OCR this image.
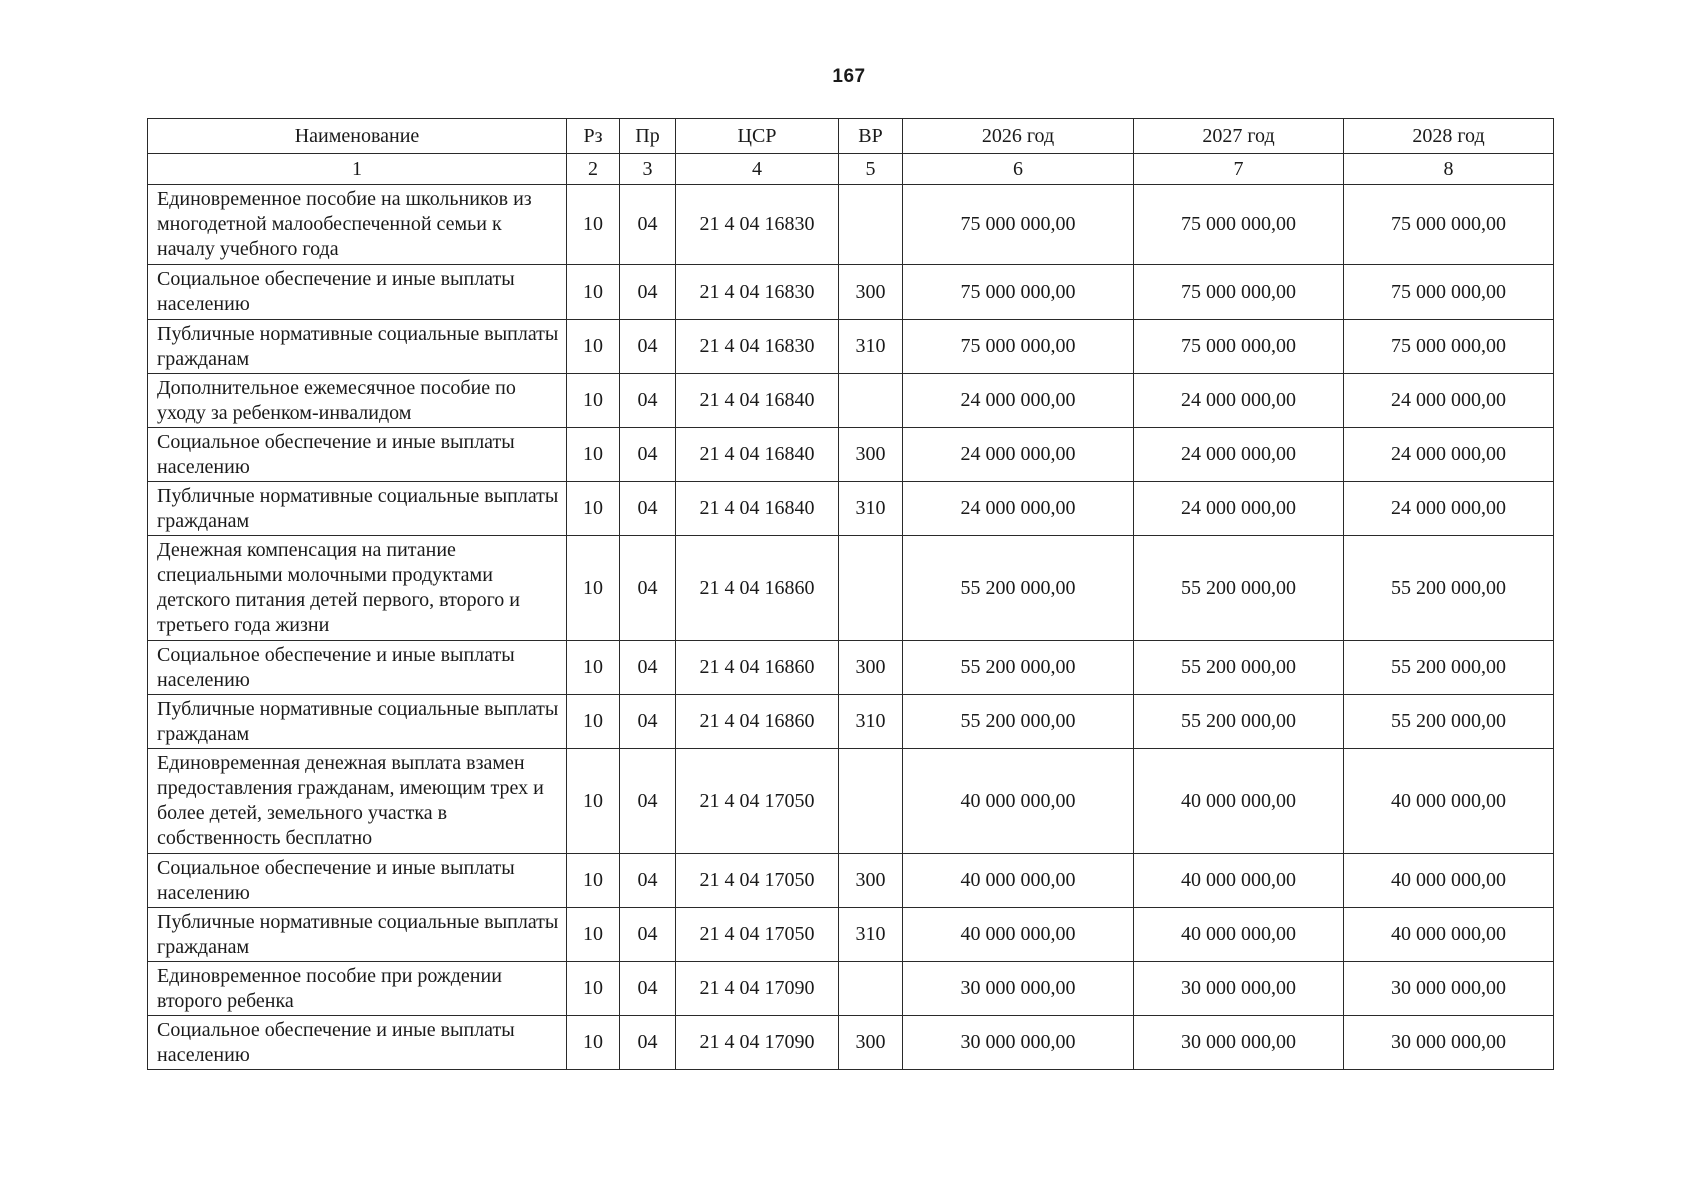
167
Наименование	Рз	Пр	ЦСР	ВР	2026 год	2027 год	2028 год
1	2	3	4	5	6	7	8
Единовременное пособие на школьников из многодетной малообеспеченной семьи к началу учебного года	10	04	21 4 04 16830		75 000 000,00	75 000 000,00	75 000 000,00
Социальное обеспечение и иные выплаты населению	10	04	21 4 04 16830	300	75 000 000,00	75 000 000,00	75 000 000,00
Публичные нормативные социальные выплаты гражданам	10	04	21 4 04 16830	310	75 000 000,00	75 000 000,00	75 000 000,00
Дополнительное ежемесячное пособие по уходу за ребенком-инвалидом	10	04	21 4 04 16840		24 000 000,00	24 000 000,00	24 000 000,00
Социальное обеспечение и иные выплаты населению	10	04	21 4 04 16840	300	24 000 000,00	24 000 000,00	24 000 000,00
Публичные нормативные социальные выплаты гражданам	10	04	21 4 04 16840	310	24 000 000,00	24 000 000,00	24 000 000,00
Денежная компенсация на питание специальными молочными продуктами детского питания детей первого, второго и третьего года жизни	10	04	21 4 04 16860		55 200 000,00	55 200 000,00	55 200 000,00
Социальное обеспечение и иные выплаты населению	10	04	21 4 04 16860	300	55 200 000,00	55 200 000,00	55 200 000,00
Публичные нормативные социальные выплаты гражданам	10	04	21 4 04 16860	310	55 200 000,00	55 200 000,00	55 200 000,00
Единовременная денежная выплата взамен предоставления гражданам, имеющим трех и более детей, земельного участка в собственность бесплатно	10	04	21 4 04 17050		40 000 000,00	40 000 000,00	40 000 000,00
Социальное обеспечение и иные выплаты населению	10	04	21 4 04 17050	300	40 000 000,00	40 000 000,00	40 000 000,00
Публичные нормативные социальные выплаты гражданам	10	04	21 4 04 17050	310	40 000 000,00	40 000 000,00	40 000 000,00
Единовременное пособие при рождении второго ребенка	10	04	21 4 04 17090		30 000 000,00	30 000 000,00	30 000 000,00
Социальное обеспечение и иные выплаты населению	10	04	21 4 04 17090	300	30 000 000,00	30 000 000,00	30 000 000,00
